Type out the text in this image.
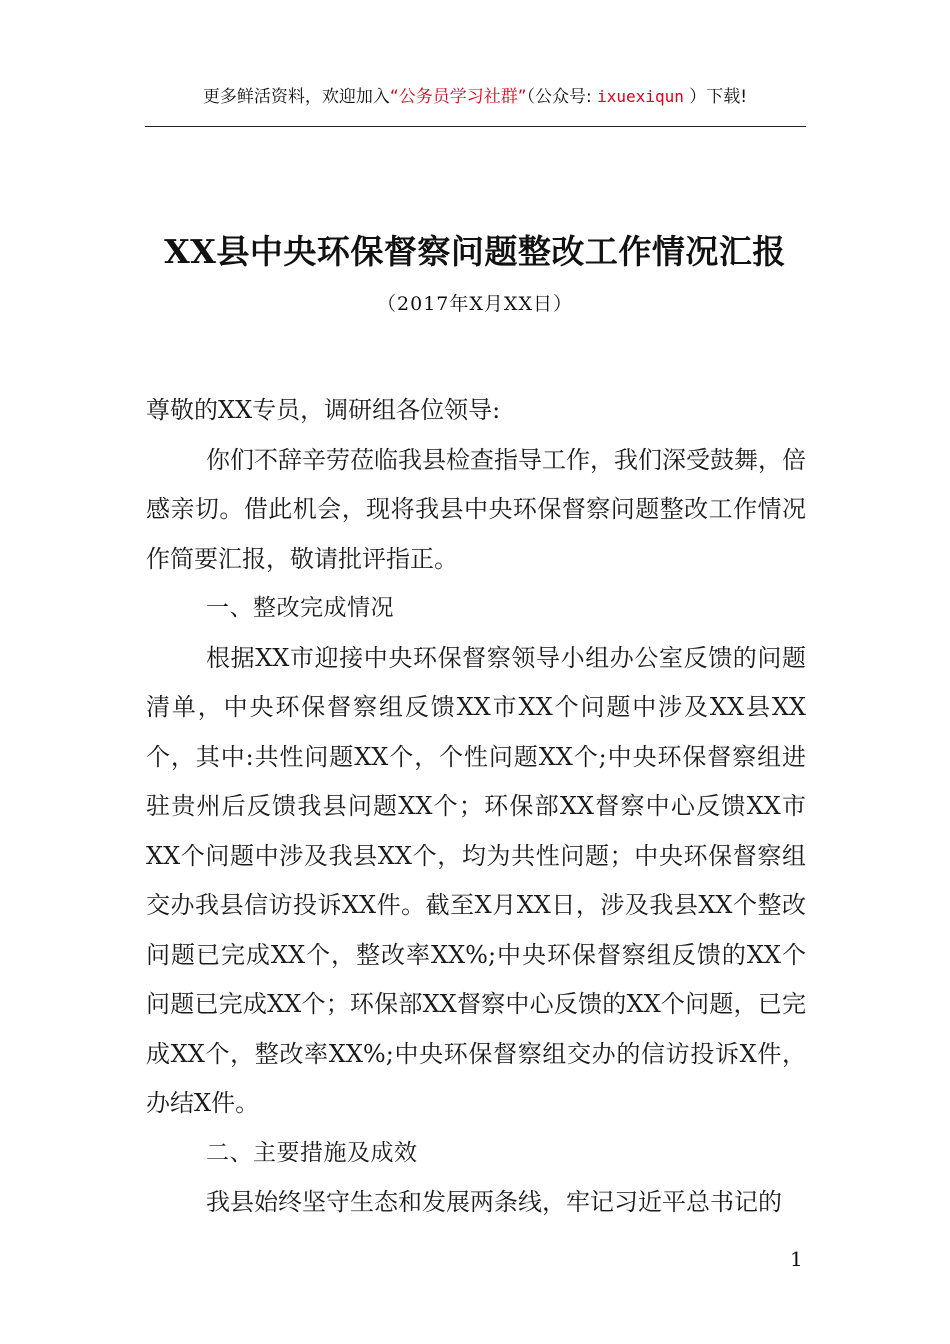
更多鲜活资料，欢迎加入“公务员学习社群”（公众号: ixuexiqun ）下载!
XX县中央环保督察问题整改工作情况汇报
（2017年X月XX日）

尊敬的XX专员，调研组各位领导:

你们不辞辛劳莅临我县检查指导工作，我们深受鼓舞，倍感亲切。借此机会，现将我县中央环保督察问题整改工作情况作简要汇报，敬请批评指正。

一、整改完成情况

根据XX市迎接中央环保督察领导小组办公室反馈的问题清单，中央环保督察组反馈XX市XX个问题中涉及XX县XX个，其中:共性问题XX个，个性问题XX个;中央环保督察组进驻贵州后反馈我县问题XX个；环保部XX督察中心反馈XX市XX个问题中涉及我县XX个，均为共性问题；中央环保督察组交办我县信访投诉XX件。截至X月XX日，涉及我县XX个整改问题已完成XX个，整改率XX%;中央环保督察组反馈的XX个问题已完成XX个；环保部XX督察中心反馈的XX个问题，已完成XX个，整改率XX%;中央环保督察组交办的信访投诉X件，办结X件。

二、主要措施及成效

我县始终坚守生态和发展两条线，牢记习近平总书记的

1
